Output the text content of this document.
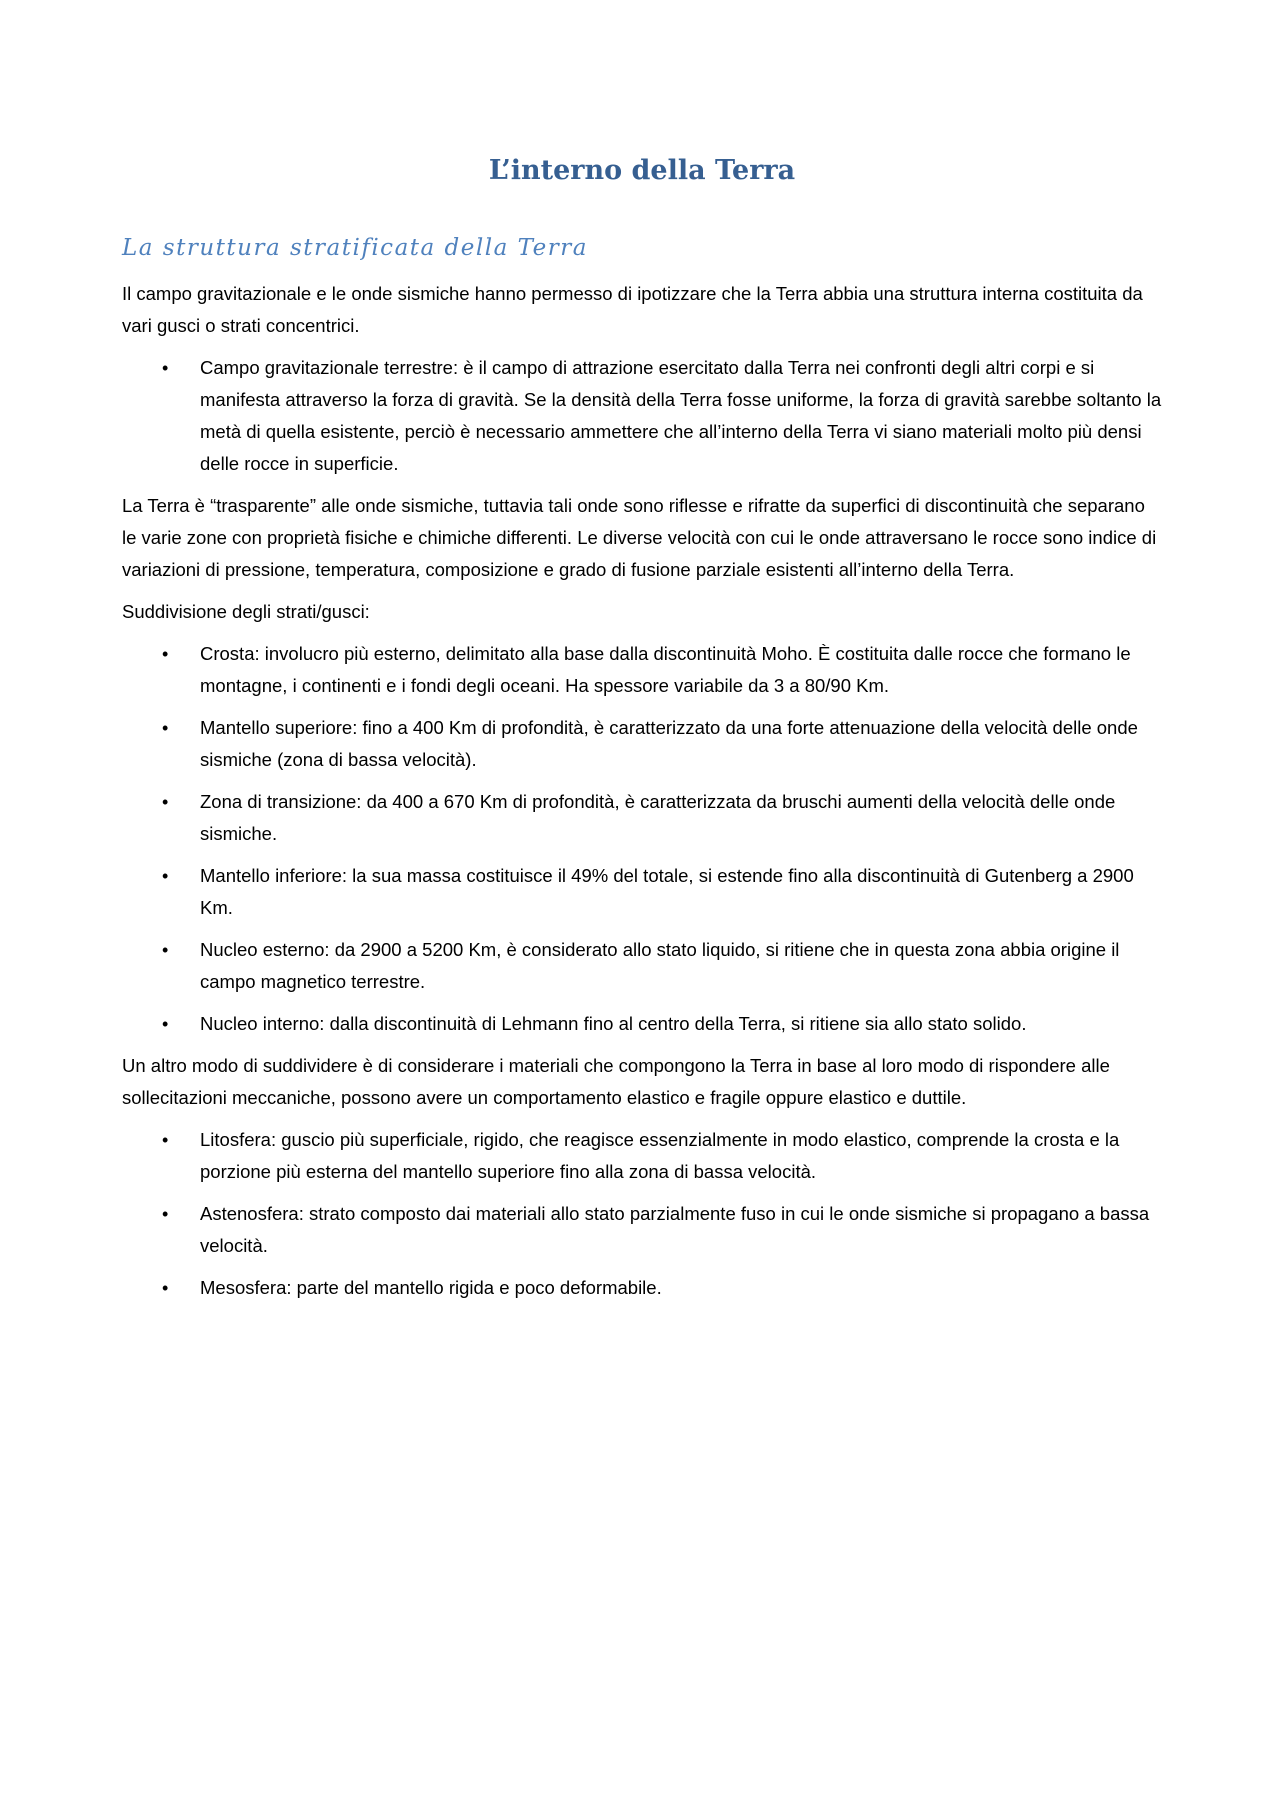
L’interno della Terra
La struttura stratificata della Terra

Il campo gravitazionale e le onde sismiche hanno permesso di ipotizzare che la Terra abbia una struttura interna costituita da vari gusci o strati concentrici.

•	Campo gravitazionale terrestre: è il campo di attrazione esercitato dalla Terra nei confronti degli altri corpi e si manifesta attraverso la forza di gravità. Se la densità della Terra fosse uniforme, la forza di gravità sarebbe soltanto la metà di quella esistente, perciò è necessario ammettere che all’interno della Terra vi siano materiali molto più densi delle rocce in superficie.

La Terra è “trasparente” alle onde sismiche, tuttavia tali onde sono riflesse e rifratte da superfici di discontinuità che separano le varie zone con proprietà fisiche e chimiche differenti. Le diverse velocità con cui le onde attraversano le rocce sono indice di variazioni di pressione, temperatura, composizione e grado di fusione parziale esistenti all’interno della Terra.

Suddivisione degli strati/gusci:

•	Crosta: involucro più esterno, delimitato alla base dalla discontinuità Moho. È costituita dalle rocce che formano le montagne, i continenti e i fondi degli oceani. Ha spessore variabile da 3 a 80/90 Km.
•	Mantello superiore: fino a 400 Km di profondità, è caratterizzato da una forte attenuazione della velocità delle onde sismiche (zona di bassa velocità).
•	Zona di transizione: da 400 a 670 Km di profondità, è caratterizzata da bruschi aumenti della velocità delle onde sismiche.
•	Mantello inferiore: la sua massa costituisce il 49% del totale, si estende fino alla discontinuità di Gutenberg a 2900 Km.
•	Nucleo esterno: da 2900 a 5200 Km, è considerato allo stato liquido, si ritiene che in questa zona abbia origine il campo magnetico terrestre.
•	Nucleo interno: dalla discontinuità di Lehmann fino al centro della Terra, si ritiene sia allo stato solido.

Un altro modo di suddividere è di considerare i materiali che compongono la Terra in base al loro modo di rispondere alle sollecitazioni meccaniche, possono avere un comportamento elastico e fragile oppure elastico e duttile.

•	Litosfera: guscio più superficiale, rigido, che reagisce essenzialmente in modo elastico, comprende la crosta e la porzione più esterna del mantello superiore fino alla zona di bassa velocità.
•	Astenosfera: strato composto dai materiali allo stato parzialmente fuso in cui le onde sismiche si propagano a bassa velocità.
•	Mesosfera: parte del mantello rigida e poco deformabile.
